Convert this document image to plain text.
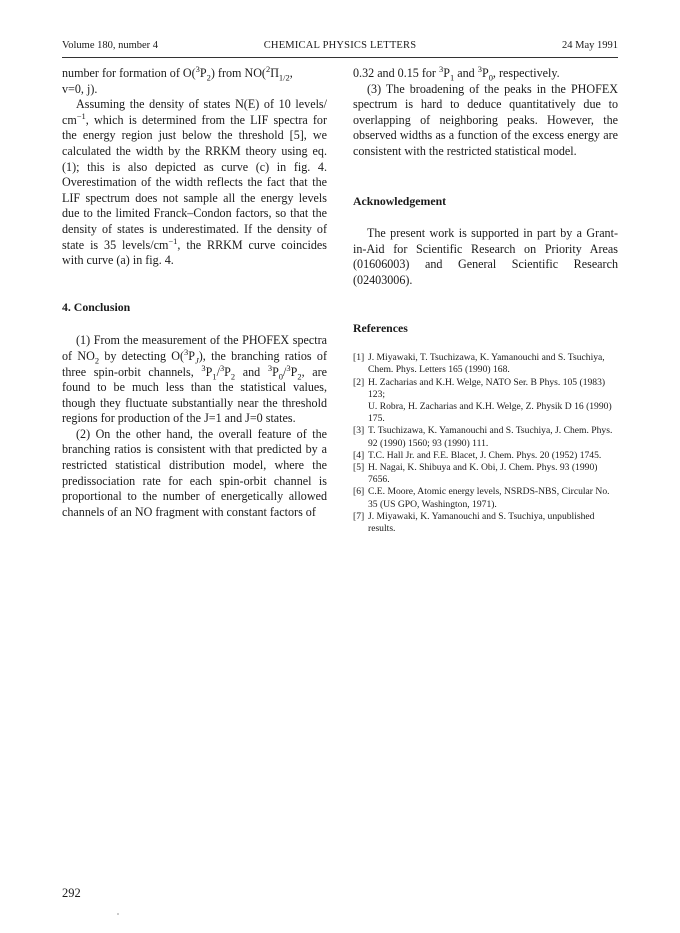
Volume 180, number 4	CHEMICAL PHYSICS LETTERS	24 May 1991

number for formation of $O(^3P_2)$ from $NO(^2\Pi_{1/2}$,
v=0, j).

Assuming the density of states N(E) of 10 levels/ $cm^{-1}$, which is determined from the LIF spectra for the energy region just below the threshold [5], we calculated the width by the RRKM theory using eq. (1); this is also depicted as curve (c) in fig. 4. Overestimation of the width reflects the fact that the LIF spectrum does not sample all the energy levels due to the limited Franck–Condon factors, so that the density of states is underestimated. If the density of state is 35 levels/$cm^{-1}$, the RRKM curve coincides with curve (a) in fig. 4.

4. Conclusion

(1) From the measurement of the PHOFEX spectra of $NO_2$ by detecting $O(^3P_J)$, the branching ratios of three spin-orbit channels, $^3P_1/^3P_2$ and $^3P_0/^3P_2$, are found to be much less than the statistical values, though they fluctuate substantially near the threshold regions for production of the J=1 and J=0 states.

(2) On the other hand, the overall feature of the branching ratios is consistent with that predicted by a restricted statistical distribution model, where the predissociation rate for each spin-orbit channel is proportional to the number of energetically allowed channels of an NO fragment with constant factors of

0.32 and 0.15 for $^3P_1$ and $^3P_0$, respectively.

(3) The broadening of the peaks in the PHOFEX spectrum is hard to deduce quantitatively due to overlapping of neighboring peaks. However, the observed widths as a function of the excess energy are consistent with the restricted statistical model.

Acknowledgement

The present work is supported in part by a Grant-in-Aid for Scientific Research on Priority Areas (01606003) and General Scientific Research (02403006).

References

[1] J. Miyawaki, T. Tsuchizawa, K. Yamanouchi and S. Tsuchiya, Chem. Phys. Letters 165 (1990) 168.

[2] H. Zacharias and K.H. Welge, NATO Ser. B Phys. 105 (1983) 123;

U. Robra, H. Zacharias and K.H. Welge, Z. Physik D 16 (1990) 175.

[3] T. Tsuchizawa, K. Yamanouchi and S. Tsuchiya, J. Chem. Phys. 92 (1990) 1560; 93 (1990) 111.

[4] T.C. Hall Jr. and F.E. Blacet, J. Chem. Phys. 20 (1952) 1745.

[5] H. Nagai, K. Shibuya and K. Obi, J. Chem. Phys. 93 (1990) 7656.

[6] C.E. Moore, Atomic energy levels, NSRDS-NBS, Circular No. 35 (US GPO, Washington, 1971).

[7] J. Miyawaki, K. Yamanouchi and S. Tsuchiya, unpublished results.

292
